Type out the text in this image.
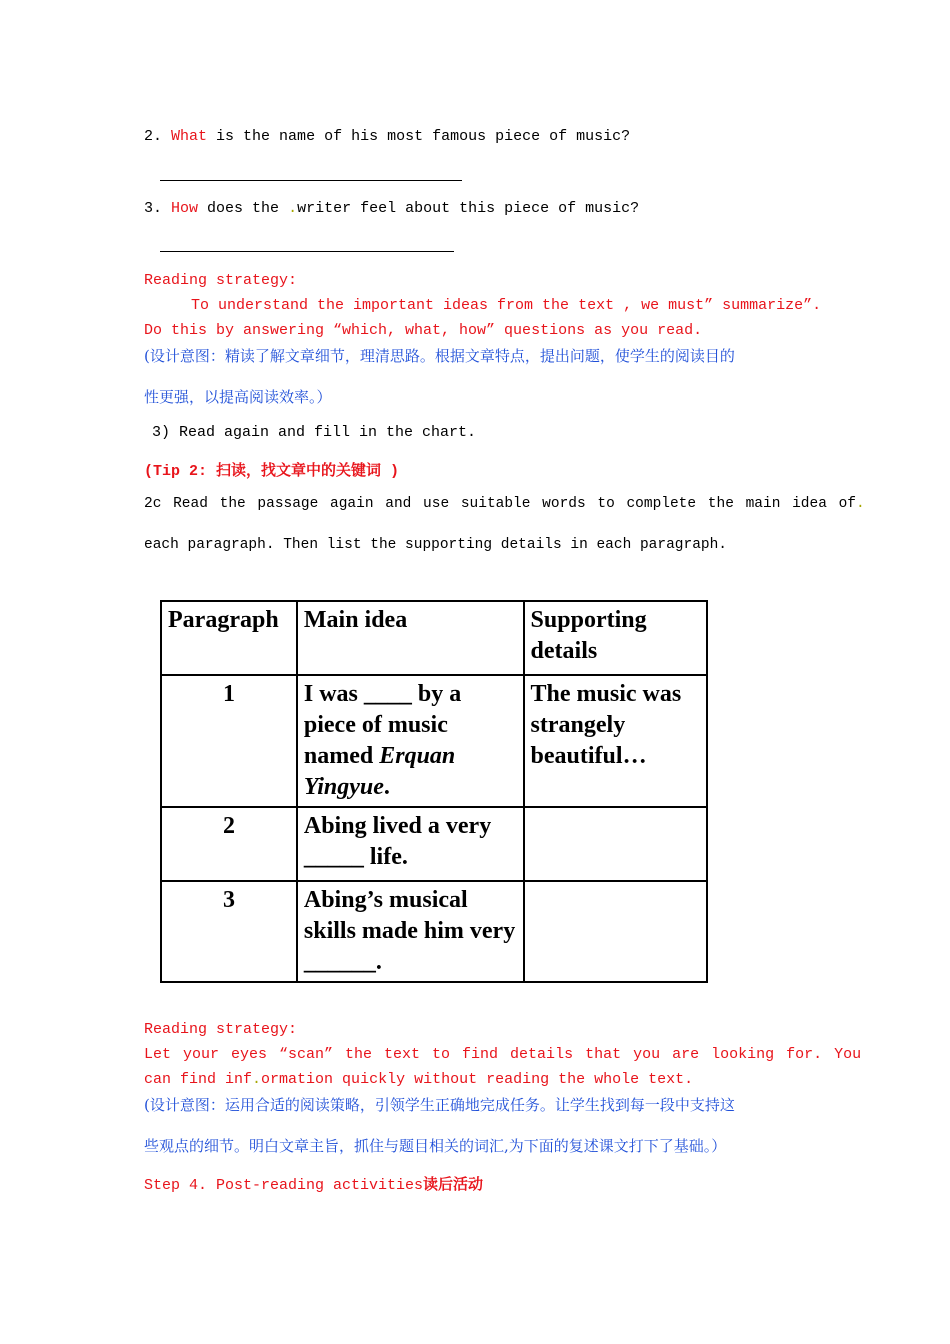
2. What is the name of his most famous piece of music?
3. How does the .writer feel about this piece of music?
Reading strategy:
To understand the important ideas from the text , we must” summarize”.
Do this by answering “which, what, how” questions as you read.
(设计意图：精读了解文章细节，理清思路。根据文章特点，提出问题，使学生的阅读目的
性更强，以提高阅读效率。）
3) Read again and fill in the chart.
(Tip 2: 扫读，找文章中的关键词 )
2c Read the passage again and use suitable words to complete the main idea of.
each paragraph. Then list the supporting details in each paragraph.
Paragraph	Main idea	Supporting details
1	I was ____ by a piece of music named Erquan Yingyue.	The music was strangely beautiful…
2	Abing lived a very _____ life.	
3	Abing’s musical skills made him very ______.	
Reading strategy:
Let your eyes “scan” the text to find details that you are looking for. You
can find inf.ormation quickly without reading the whole text.
(设计意图：运用合适的阅读策略，引领学生正确地完成任务。让学生找到每一段中支持这
些观点的细节。明白文章主旨，抓住与题目相关的词汇,为下面的复述课文打下了基础。）
Step 4. Post-reading activities读后活动
